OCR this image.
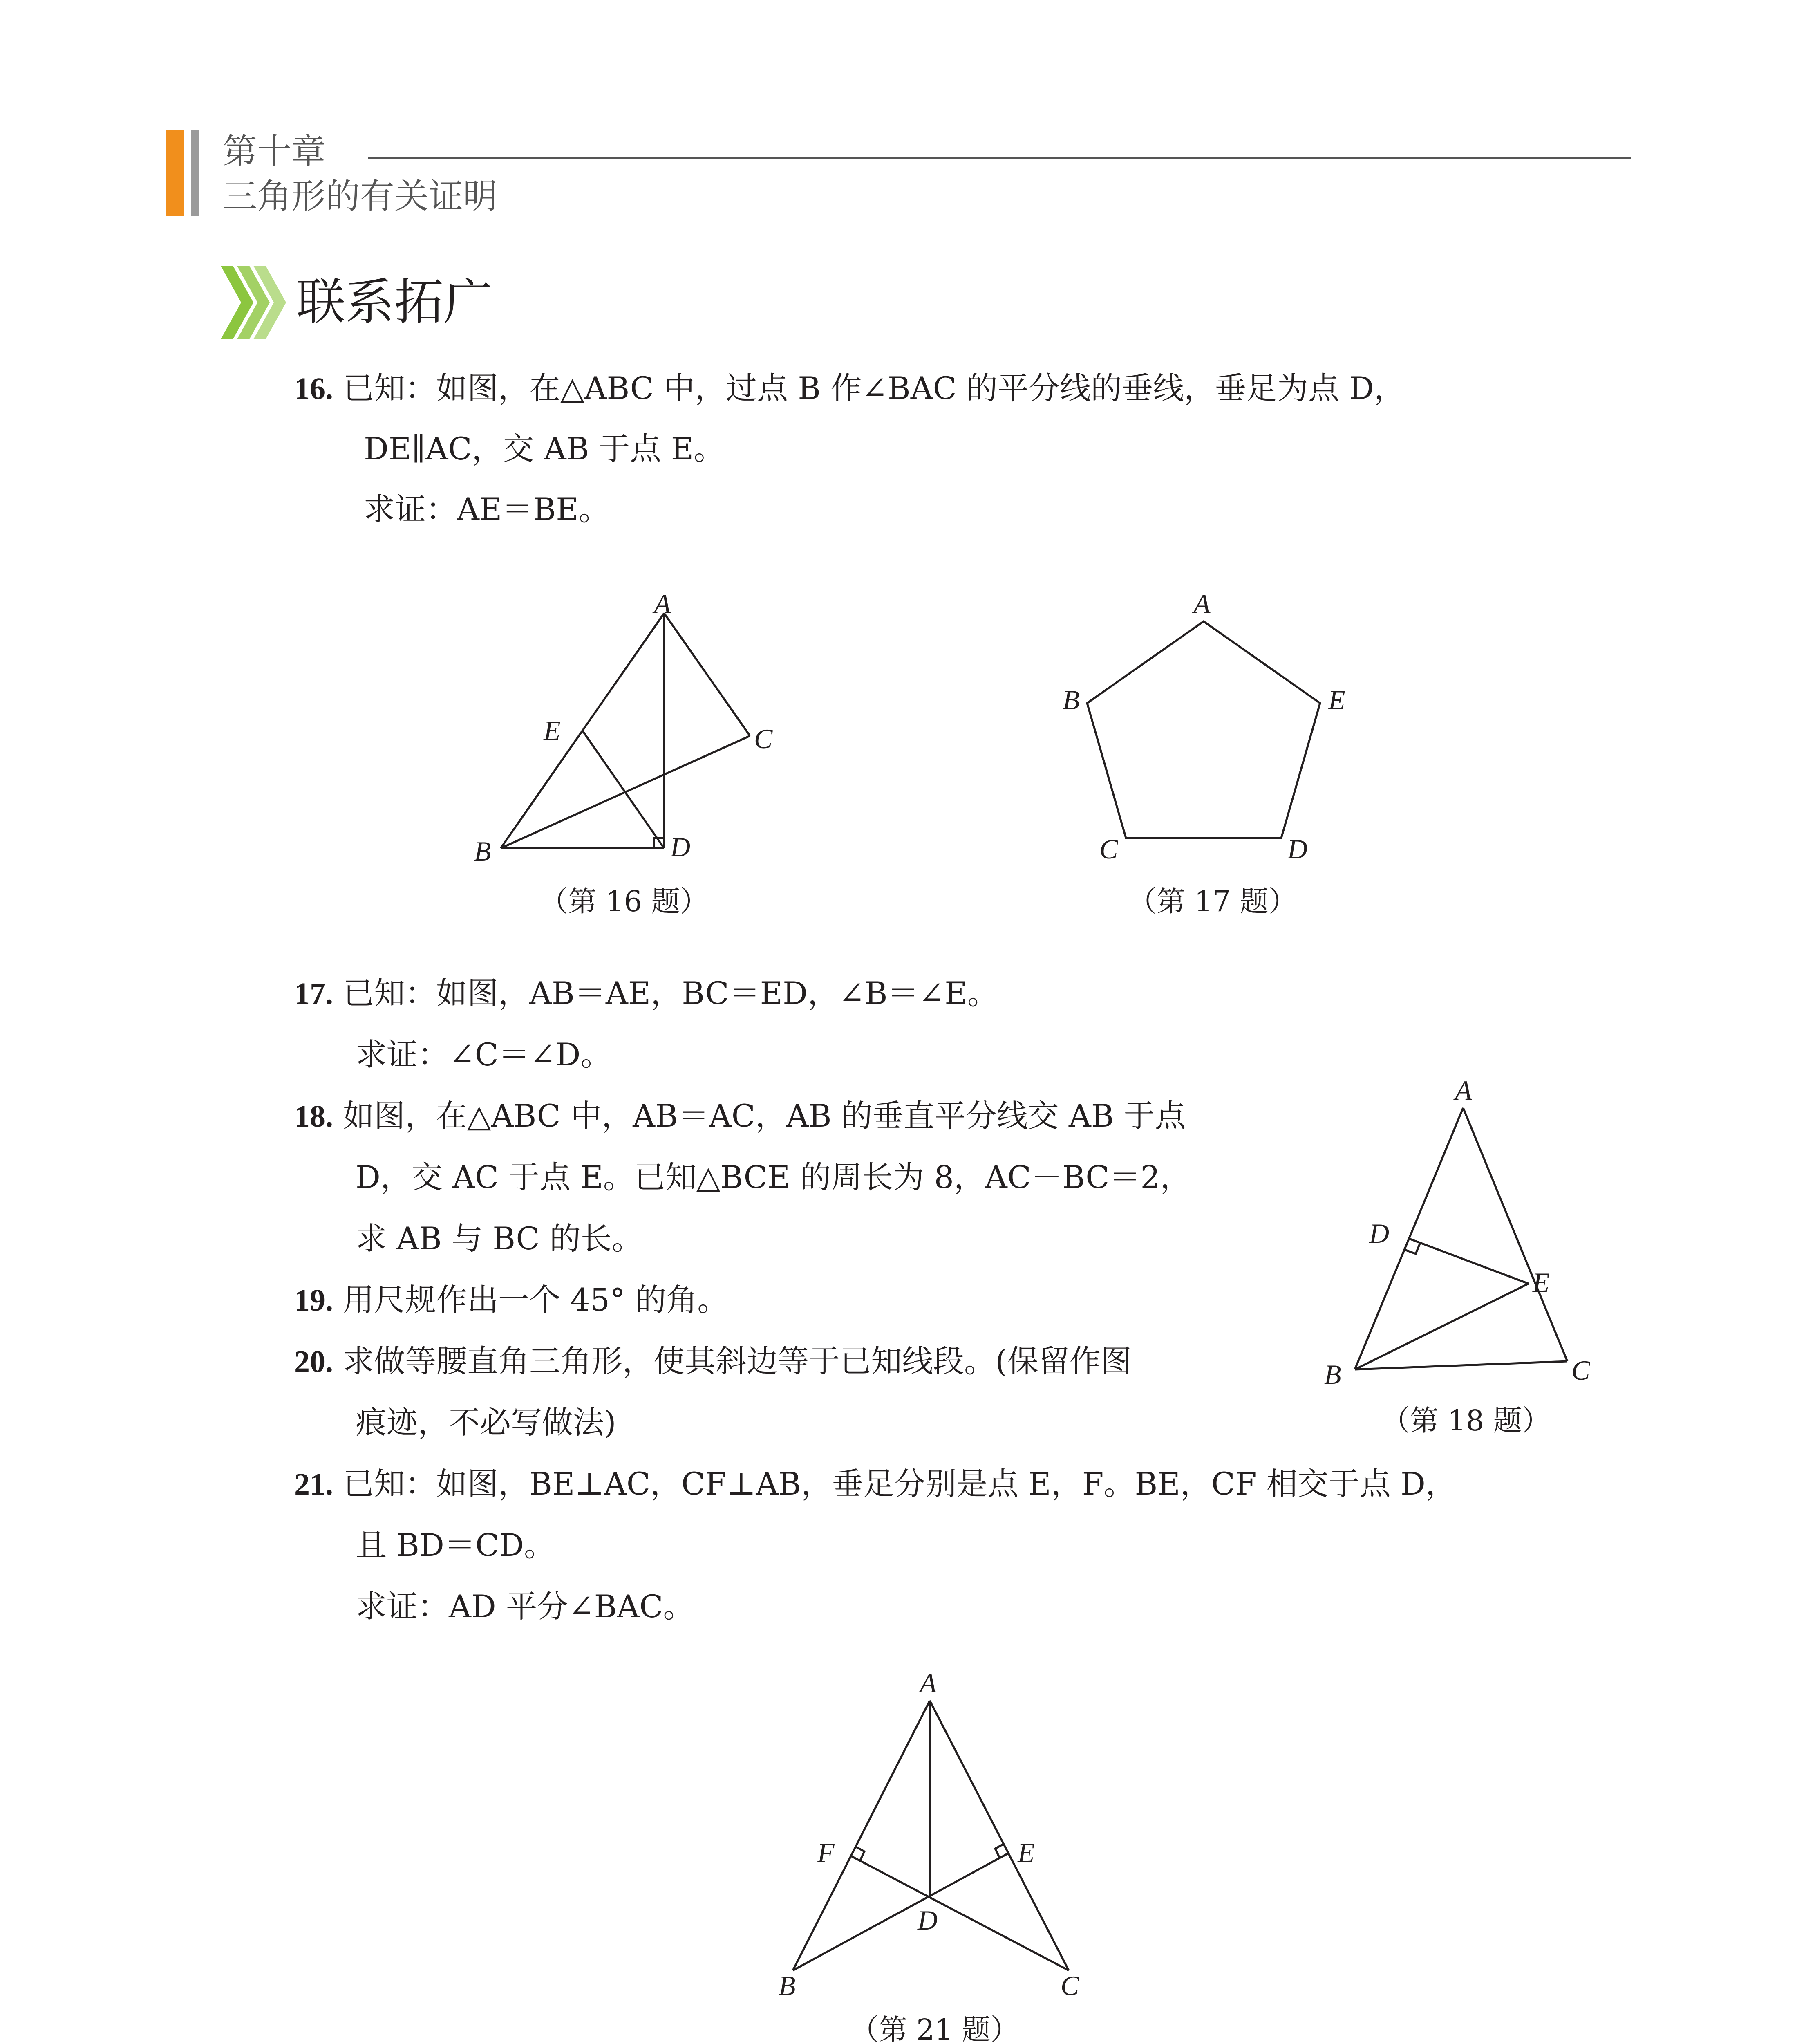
第十章
三角形的有关证明
联系拓广
16. 已知：如图，在△ABC 中，过点 B 作∠BAC 的平分线的垂线，垂足为点 D，
DE∥AC，交 AB 于点 E。
求证：AE＝BE。
A
B
C
D
E
（第 16 题）
A
B
C	D
E
（第 17 题）
17. 已知：如图，AB＝AE，BC＝ED，∠B＝∠E。
求证：∠C＝∠D。
18. 如图，在△ABC 中，AB＝AC，AB 的垂直平分线交 AB 于点
D，交 AC 于点 E。已知△BCE 的周长为 8，AC－BC＝2，
求 AB 与 BC 的长。
A
B	C
D
E
（第 18 题）
19. 用尺规作出一个 45° 的角。
20. 求做等腰直角三角形，使其斜边等于已知线段。(保留作图
痕迹，不必写做法)
21. 已知：如图，BE⊥AC，CF⊥AB，垂足分别是点 E，F。BE，CF 相交于点 D，
且 BD＝CD。
求证：AD 平分∠BAC。
A
B	C
D
E
F
（第 21 题）
